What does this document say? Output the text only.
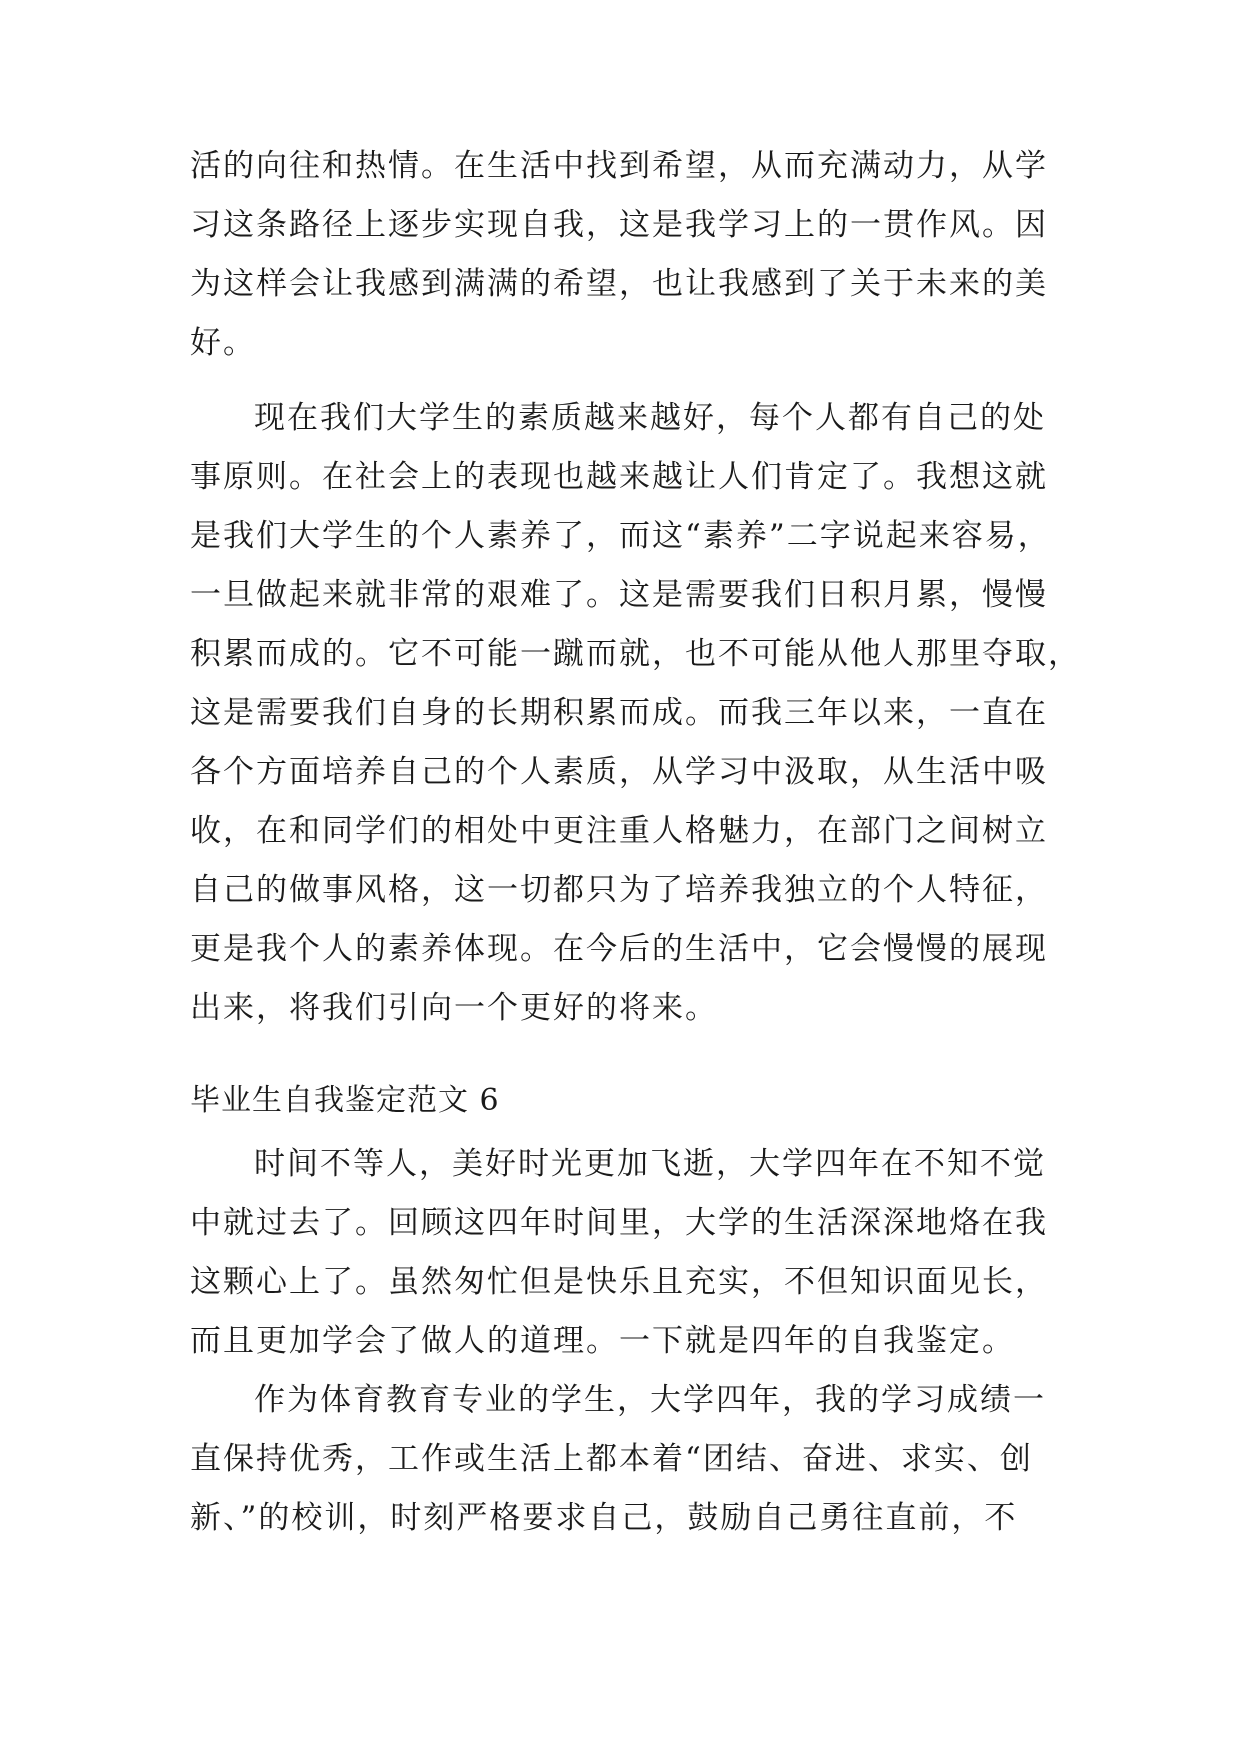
活的向往和热情。在生活中找到希望，从而充满动力，从学
习这条路径上逐步实现自我，这是我学习上的一贯作风。因
为这样会让我感到满满的希望，也让我感到了关于未来的美
好。
现在我们大学生的素质越来越好，每个人都有自己的处
事原则。在社会上的表现也越来越让人们肯定了。我想这就
是我们大学生的个人素养了，而这“素养”二字说起来容易，
一旦做起来就非常的艰难了。这是需要我们日积月累，慢慢
积累而成的。它不可能一蹴而就，也不可能从他人那里夺取，
这是需要我们自身的长期积累而成。而我三年以来，一直在
各个方面培养自己的个人素质，从学习中汲取，从生活中吸
收，在和同学们的相处中更注重人格魅力，在部门之间树立
自己的做事风格，这一切都只为了培养我独立的个人特征，
更是我个人的素养体现。在今后的生活中，它会慢慢的展现
出来，将我们引向一个更好的将来。
毕业生自我鉴定范文 6
时间不等人，美好时光更加飞逝，大学四年在不知不觉
中就过去了。回顾这四年时间里，大学的生活深深地烙在我
这颗心上了。虽然匆忙但是快乐且充实，不但知识面见长，
而且更加学会了做人的道理。一下就是四年的自我鉴定。
作为体育教育专业的学生，大学四年，我的学习成绩一
直保持优秀，工作或生活上都本着“团结、奋进、求实、创
新、”的校训，时刻严格要求自己，鼓励自己勇往直前，不
